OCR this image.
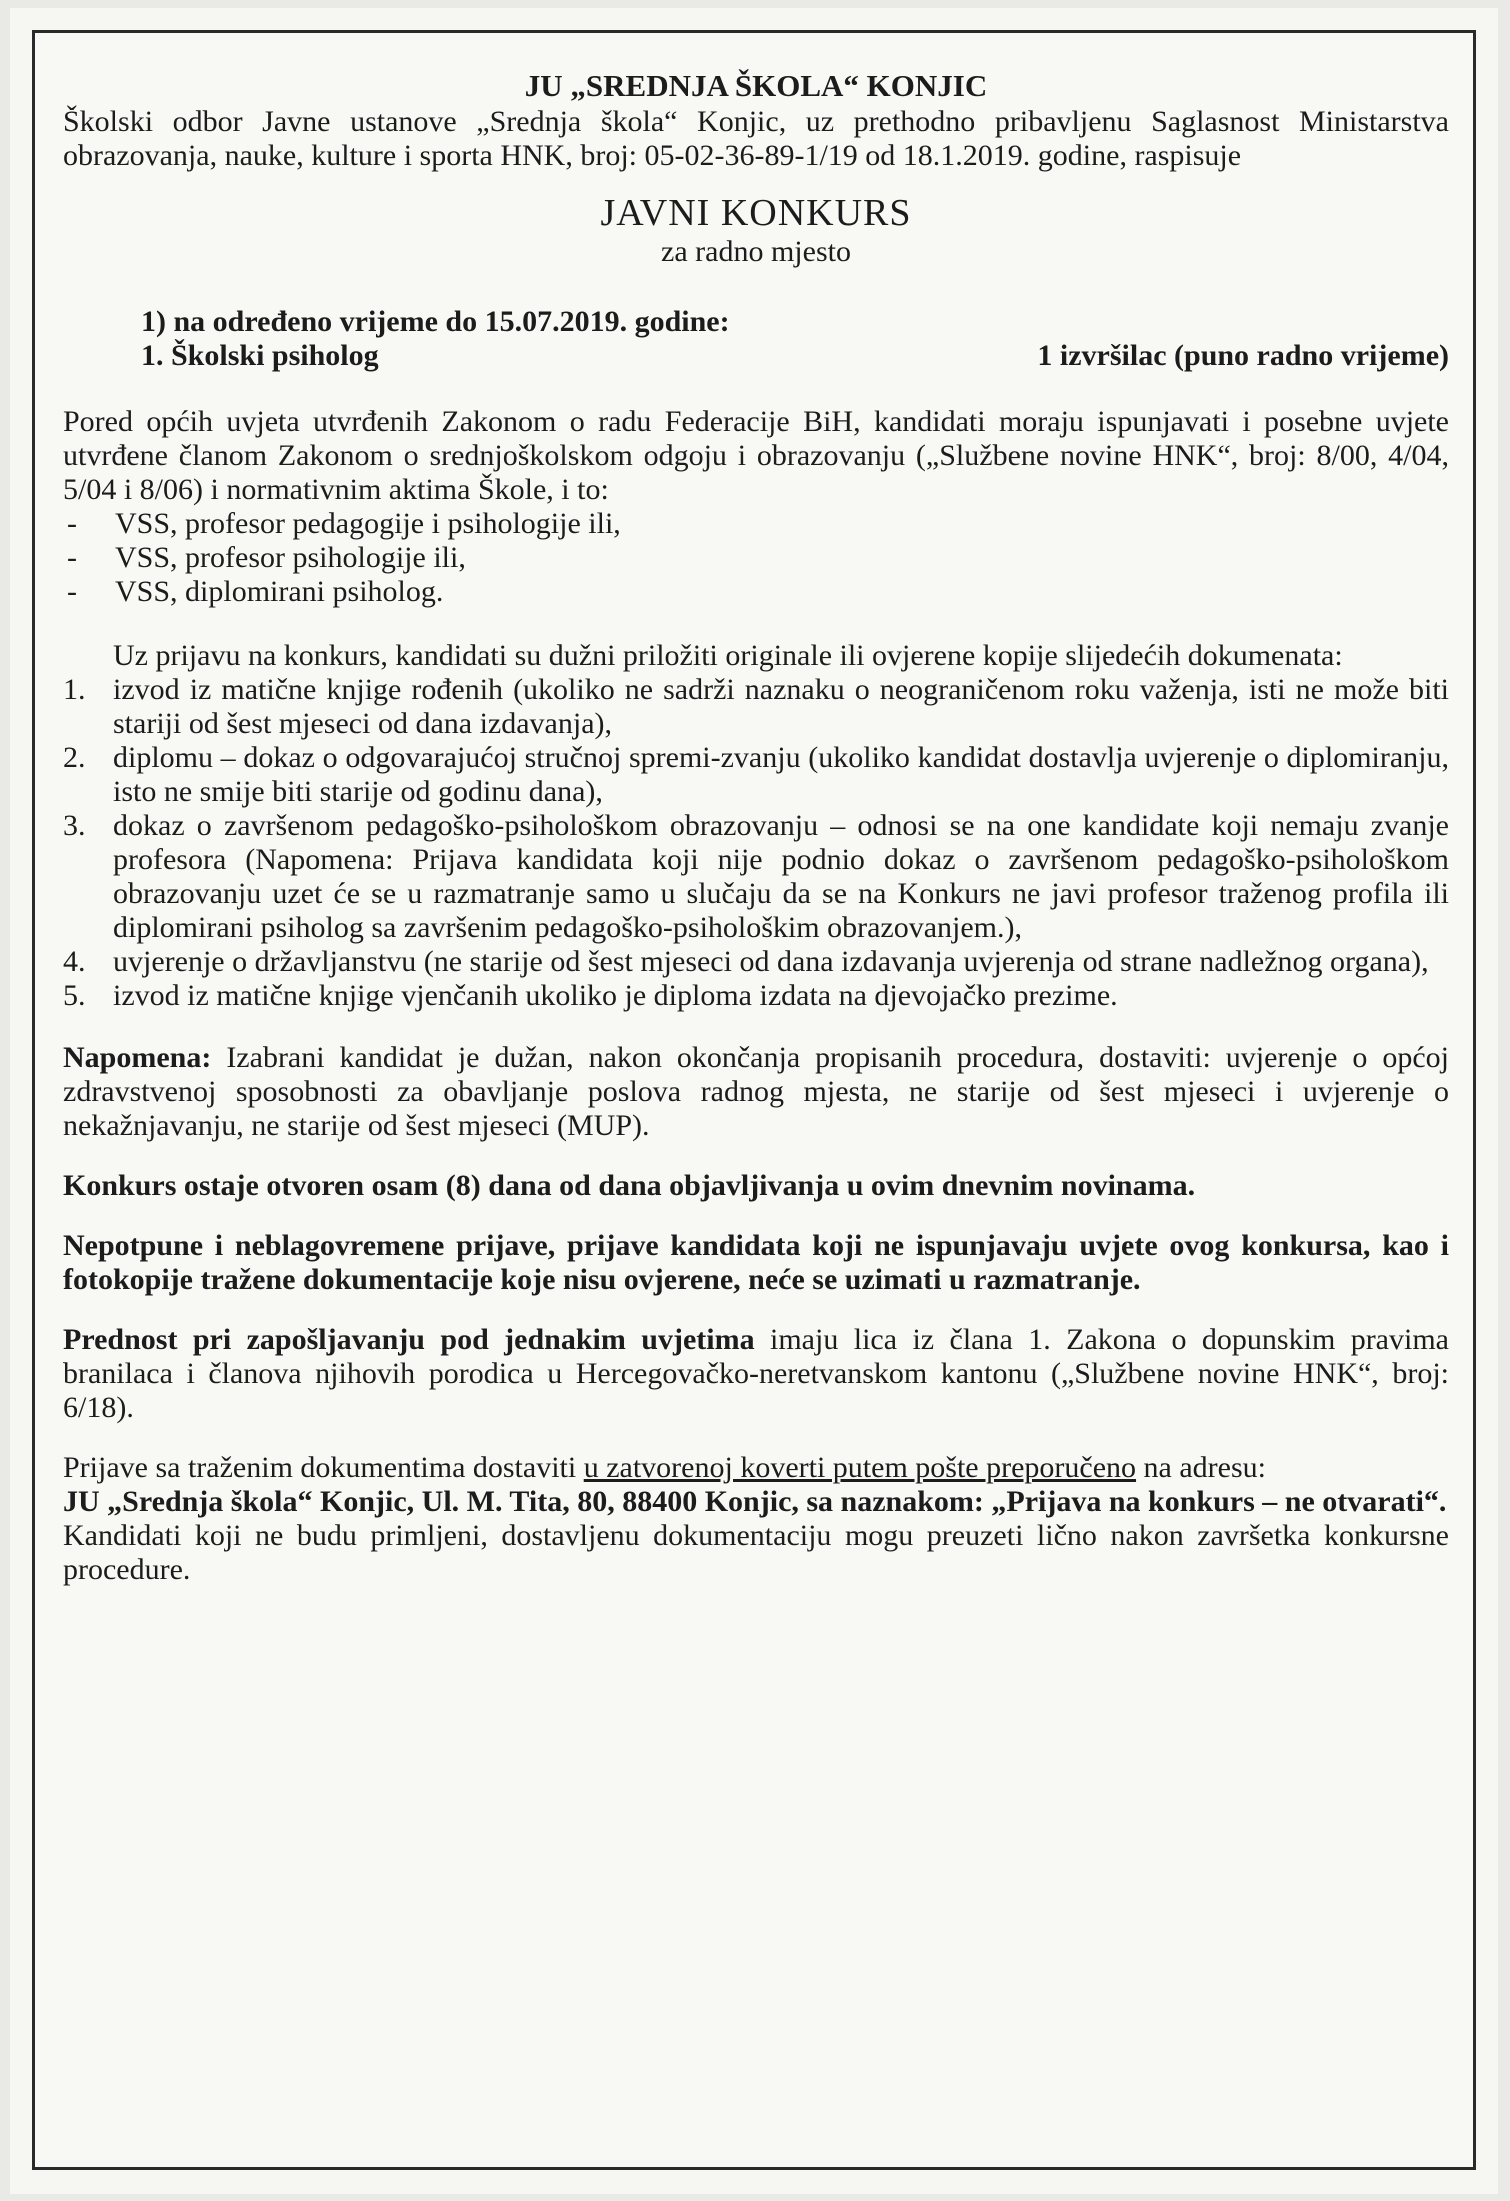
JU „SREDNJA ŠKOLA“ KONJIC

Školski odbor Javne ustanove „Srednja škola“ Konjic, uz prethodno pribavljenu Saglasnost Ministarstva obrazovanja, nauke, kulture i sporta HNK, broj: 05-02-36-89-1/19 od 18.1.2019. godine, raspisuje

JAVNI KONKURS
za radno mjesto
1) na određeno vrijeme do 15.07.2019. godine:
1. Školski psiholog	1 izvršilac (puno radno vrijeme)

Pored općih uvjeta utvrđenih Zakonom o radu Federacije BiH, kandidati moraju ispunjavati i posebne uvjete utvrđene članom Zakonom o srednjoškolskom odgoju i obrazovanju („Službene novine HNK“, broj: 8/00, 4/04, 5/04 i 8/06) i normativnim aktima Škole, i to:

- VSS, profesor pedagogije i psihologije ili,
- VSS, profesor psihologije ili,
- VSS, diplomirani psiholog.

Uz prijavu na konkurs, kandidati su dužni priložiti originale ili ovjerene kopije slijedećih dokumenata:

1. izvod iz matične knjige rođenih (ukoliko ne sadrži naznaku o neograničenom roku važenja, isti ne može biti stariji od šest mjeseci od dana izdavanja),
2. diplomu – dokaz o odgovarajućoj stručnoj spremi-zvanju (ukoliko kandidat dostavlja uvjerenje o diplomiranju, isto ne smije biti starije od godinu dana),
3. dokaz o završenom pedagoško-psihološkom obrazovanju – odnosi se na one kandidate koji nemaju zvanje profesora (Napomena: Prijava kandidata koji nije podnio dokaz o završenom pedagoško-psihološkom obrazovanju uzet će se u razmatranje samo u slučaju da se na Konkurs ne javi profesor traženog profila ili diplomirani psiholog sa završenim pedagoško-psihološkim obrazovanjem.),
4. uvjerenje o državljanstvu (ne starije od šest mjeseci od dana izdavanja uvjerenja od strane nadležnog organa),
5. izvod iz matične knjige vjenčanih ukoliko je diploma izdata na djevojačko prezime.

Napomena: Izabrani kandidat je dužan, nakon okončanja propisanih procedura, dostaviti: uvjerenje o općoj zdravstvenoj sposobnosti za obavljanje poslova radnog mjesta, ne starije od šest mjeseci i uvjerenje o nekažnjavanju, ne starije od šest mjeseci (MUP).

Konkurs ostaje otvoren osam (8) dana od dana objavljivanja u ovim dnevnim novinama.

Nepotpune i neblagovremene prijave, prijave kandidata koji ne ispunjavaju uvjete ovog konkursa, kao i fotokopije tražene dokumentacije koje nisu ovjerene, neće se uzimati u razmatranje.

Prednost pri zapošljavanju pod jednakim uvjetima imaju lica iz člana 1. Zakona o dopunskim pravima branilaca i članova njihovih porodica u Hercegovačko-neretvanskom kantonu („Službene novine HNK“, broj: 6/18).

Prijave sa traženim dokumentima dostaviti u zatvorenoj koverti putem pošte preporučeno na adresu:

JU „Srednja škola“ Konjic, Ul. M. Tita, 80, 88400 Konjic, sa naznakom: „Prijava na konkurs – ne otvarati“.

Kandidati koji ne budu primljeni, dostavljenu dokumentaciju mogu preuzeti lično nakon završetka konkursne procedure.
